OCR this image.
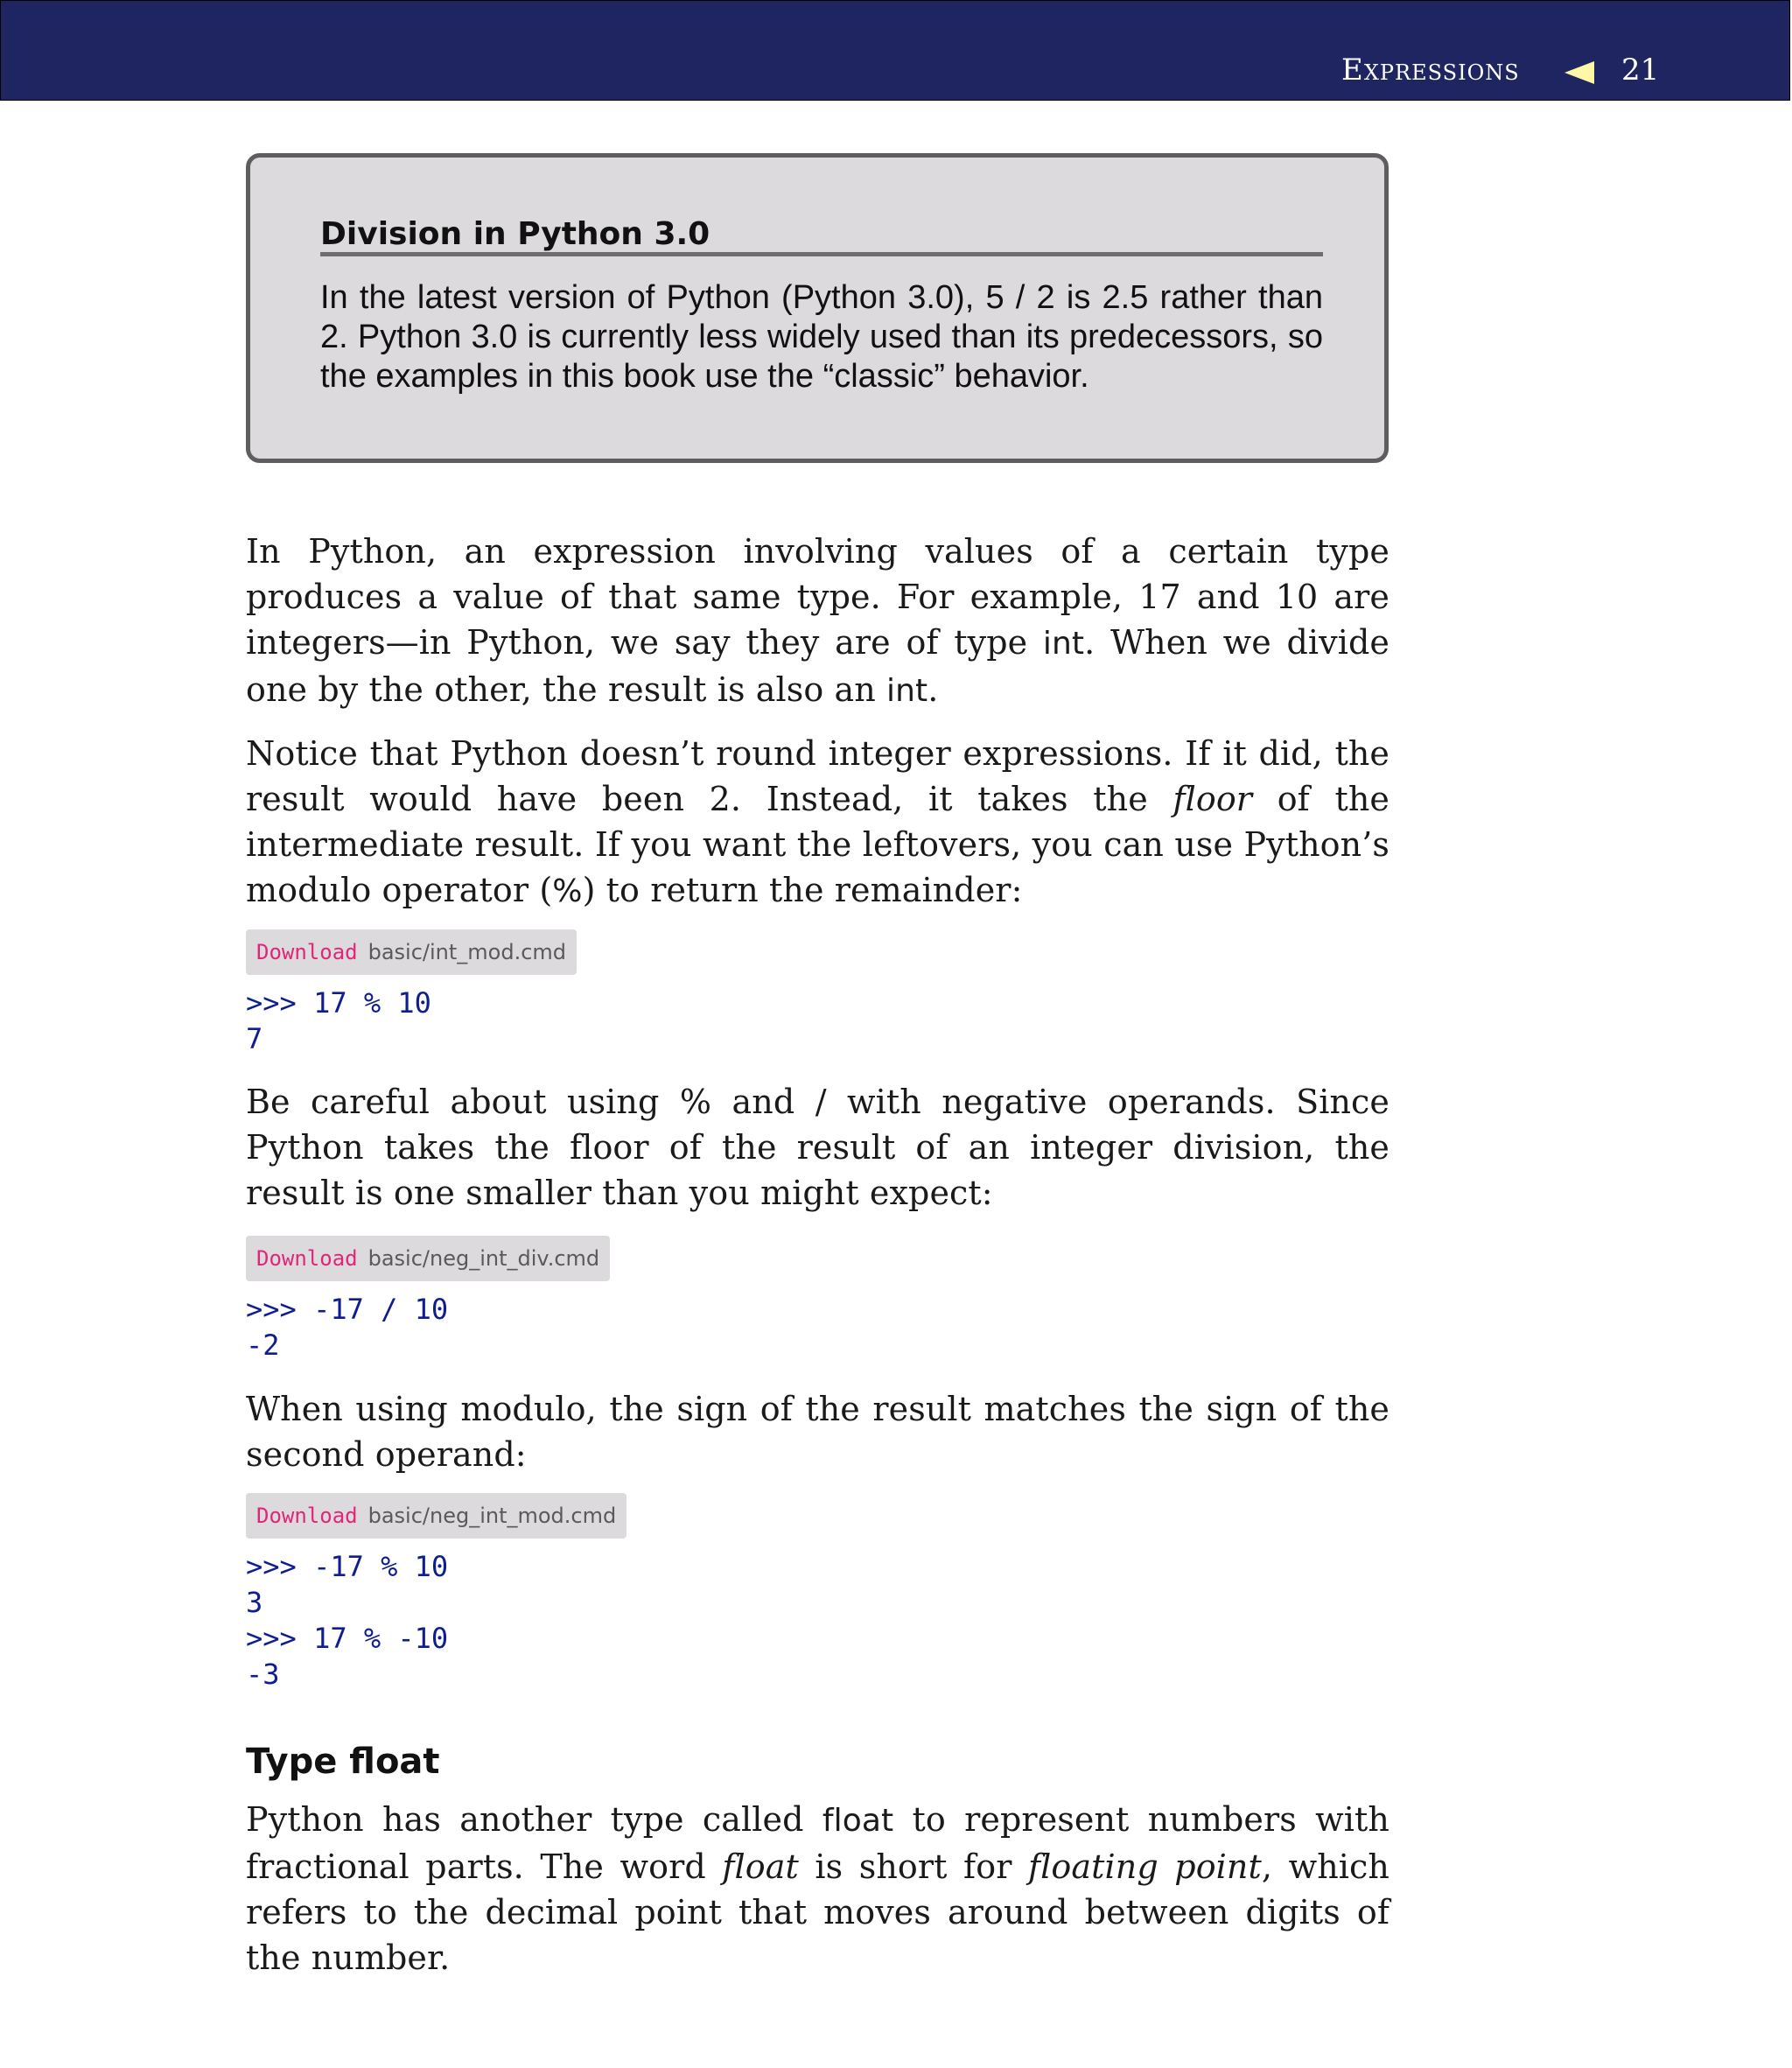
Expressions	21
Division in Python 3.0

In the latest version of Python (Python 3.0), 5 / 2 is 2.5 rather than 2. Python 3.0 is currently less widely used than its predecessors, so the examples in this book use the “classic” behavior.

In Python, an expression involving values of a certain type produces a value of that same type. For example, 17 and 10 are integers—in Python, we say they are of type int. When we divide one by the other, the result is also an int.

Notice that Python doesn’t round integer expressions. If it did, the result would have been 2. Instead, it takes the floor of the intermediate result. If you want the leftovers, you can use Python’s modulo operator (%) to return the remainder:

Download basic/int_mod.cmd
>>> 17 % 10
7

Be careful about using % and / with negative operands. Since Python takes the floor of the result of an integer division, the result is one smaller than you might expect:

Download basic/neg_int_div.cmd
>>> -17 / 10
-2

When using modulo, the sign of the result matches the sign of the second operand:

Download basic/neg_int_mod.cmd
>>> -17 % 10
3
>>> 17 % -10
-3
Type float

Python has another type called float to represent numbers with fractional parts. The word float is short for floating point, which refers to the decimal point that moves around between digits of the number.
